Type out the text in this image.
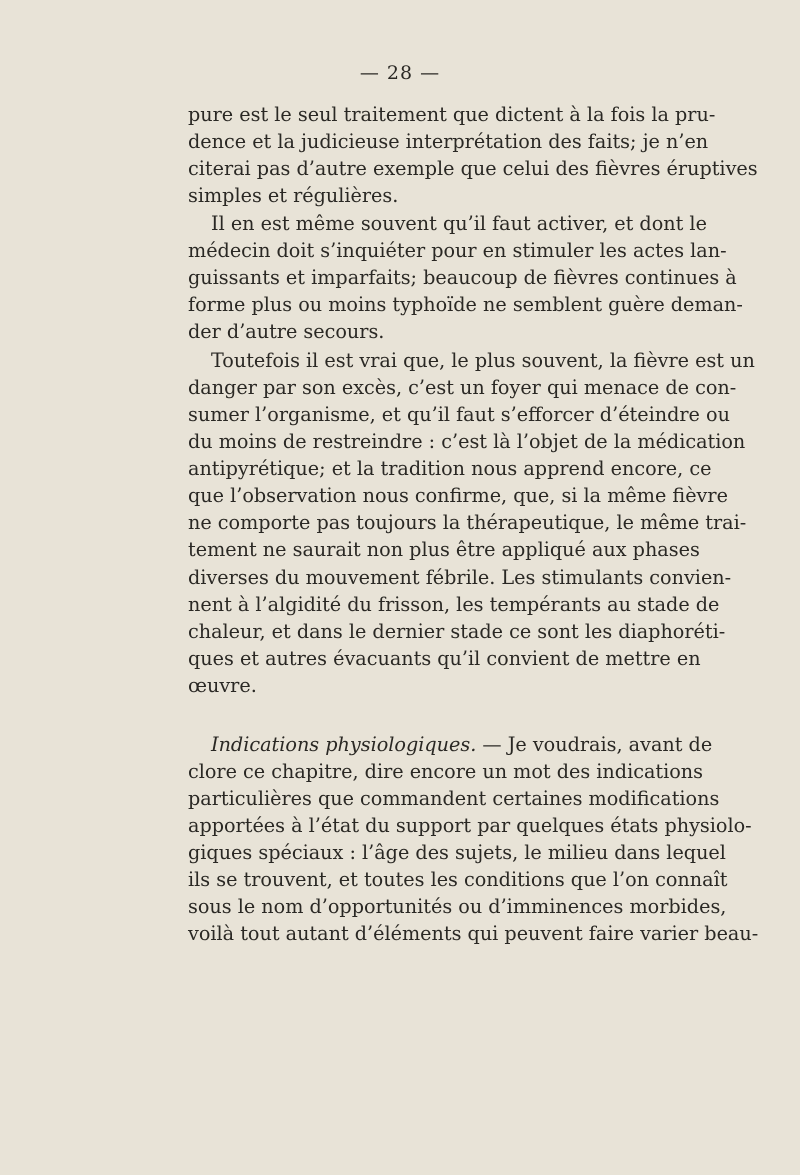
— 28 —
pure est le seul traitement que dictent à la fois la pru-
dence et la judicieuse interprétation des faits; je n’en
citerai pas d’autre exemple que celui des fièvres éruptives
simples et régulières.
Il en est même souvent qu’il faut activer, et dont le
médecin doit s’inquiéter pour en stimuler les actes lan-
guissants et imparfaits; beaucoup de fièvres continues à
forme plus ou moins typhoïde ne semblent guère deman-
der d’autre secours.
Toutefois il est vrai que, le plus souvent, la fièvre est un
danger par son excès, c’est un foyer qui menace de con-
sumer l’organisme, et qu’il faut s’efforcer d’éteindre ou
du moins de restreindre : c’est là l’objet de la médication
antipyrétique; et la tradition nous apprend encore, ce
que l’observation nous confirme, que, si la même fièvre
ne comporte pas toujours la thérapeutique, le même trai-
tement ne saurait non plus être appliqué aux phases
diverses du mouvement fébrile. Les stimulants convien-
nent à l’algidité du frisson, les tempérants au stade de
chaleur, et dans le dernier stade ce sont les diaphoréti-
ques et autres évacuants qu’il convient de mettre en
œuvre.
Indications physiologiques. — Je voudrais, avant de
clore ce chapitre, dire encore un mot des indications
particulières que commandent certaines modifications
apportées à l’état du support par quelques états physiolo-
giques spéciaux : l’âge des sujets, le milieu dans lequel
ils se trouvent, et toutes les conditions que l’on connaît
sous le nom d’opportunités ou d’imminences morbides,
voilà tout autant d’éléments qui peuvent faire varier beau-
